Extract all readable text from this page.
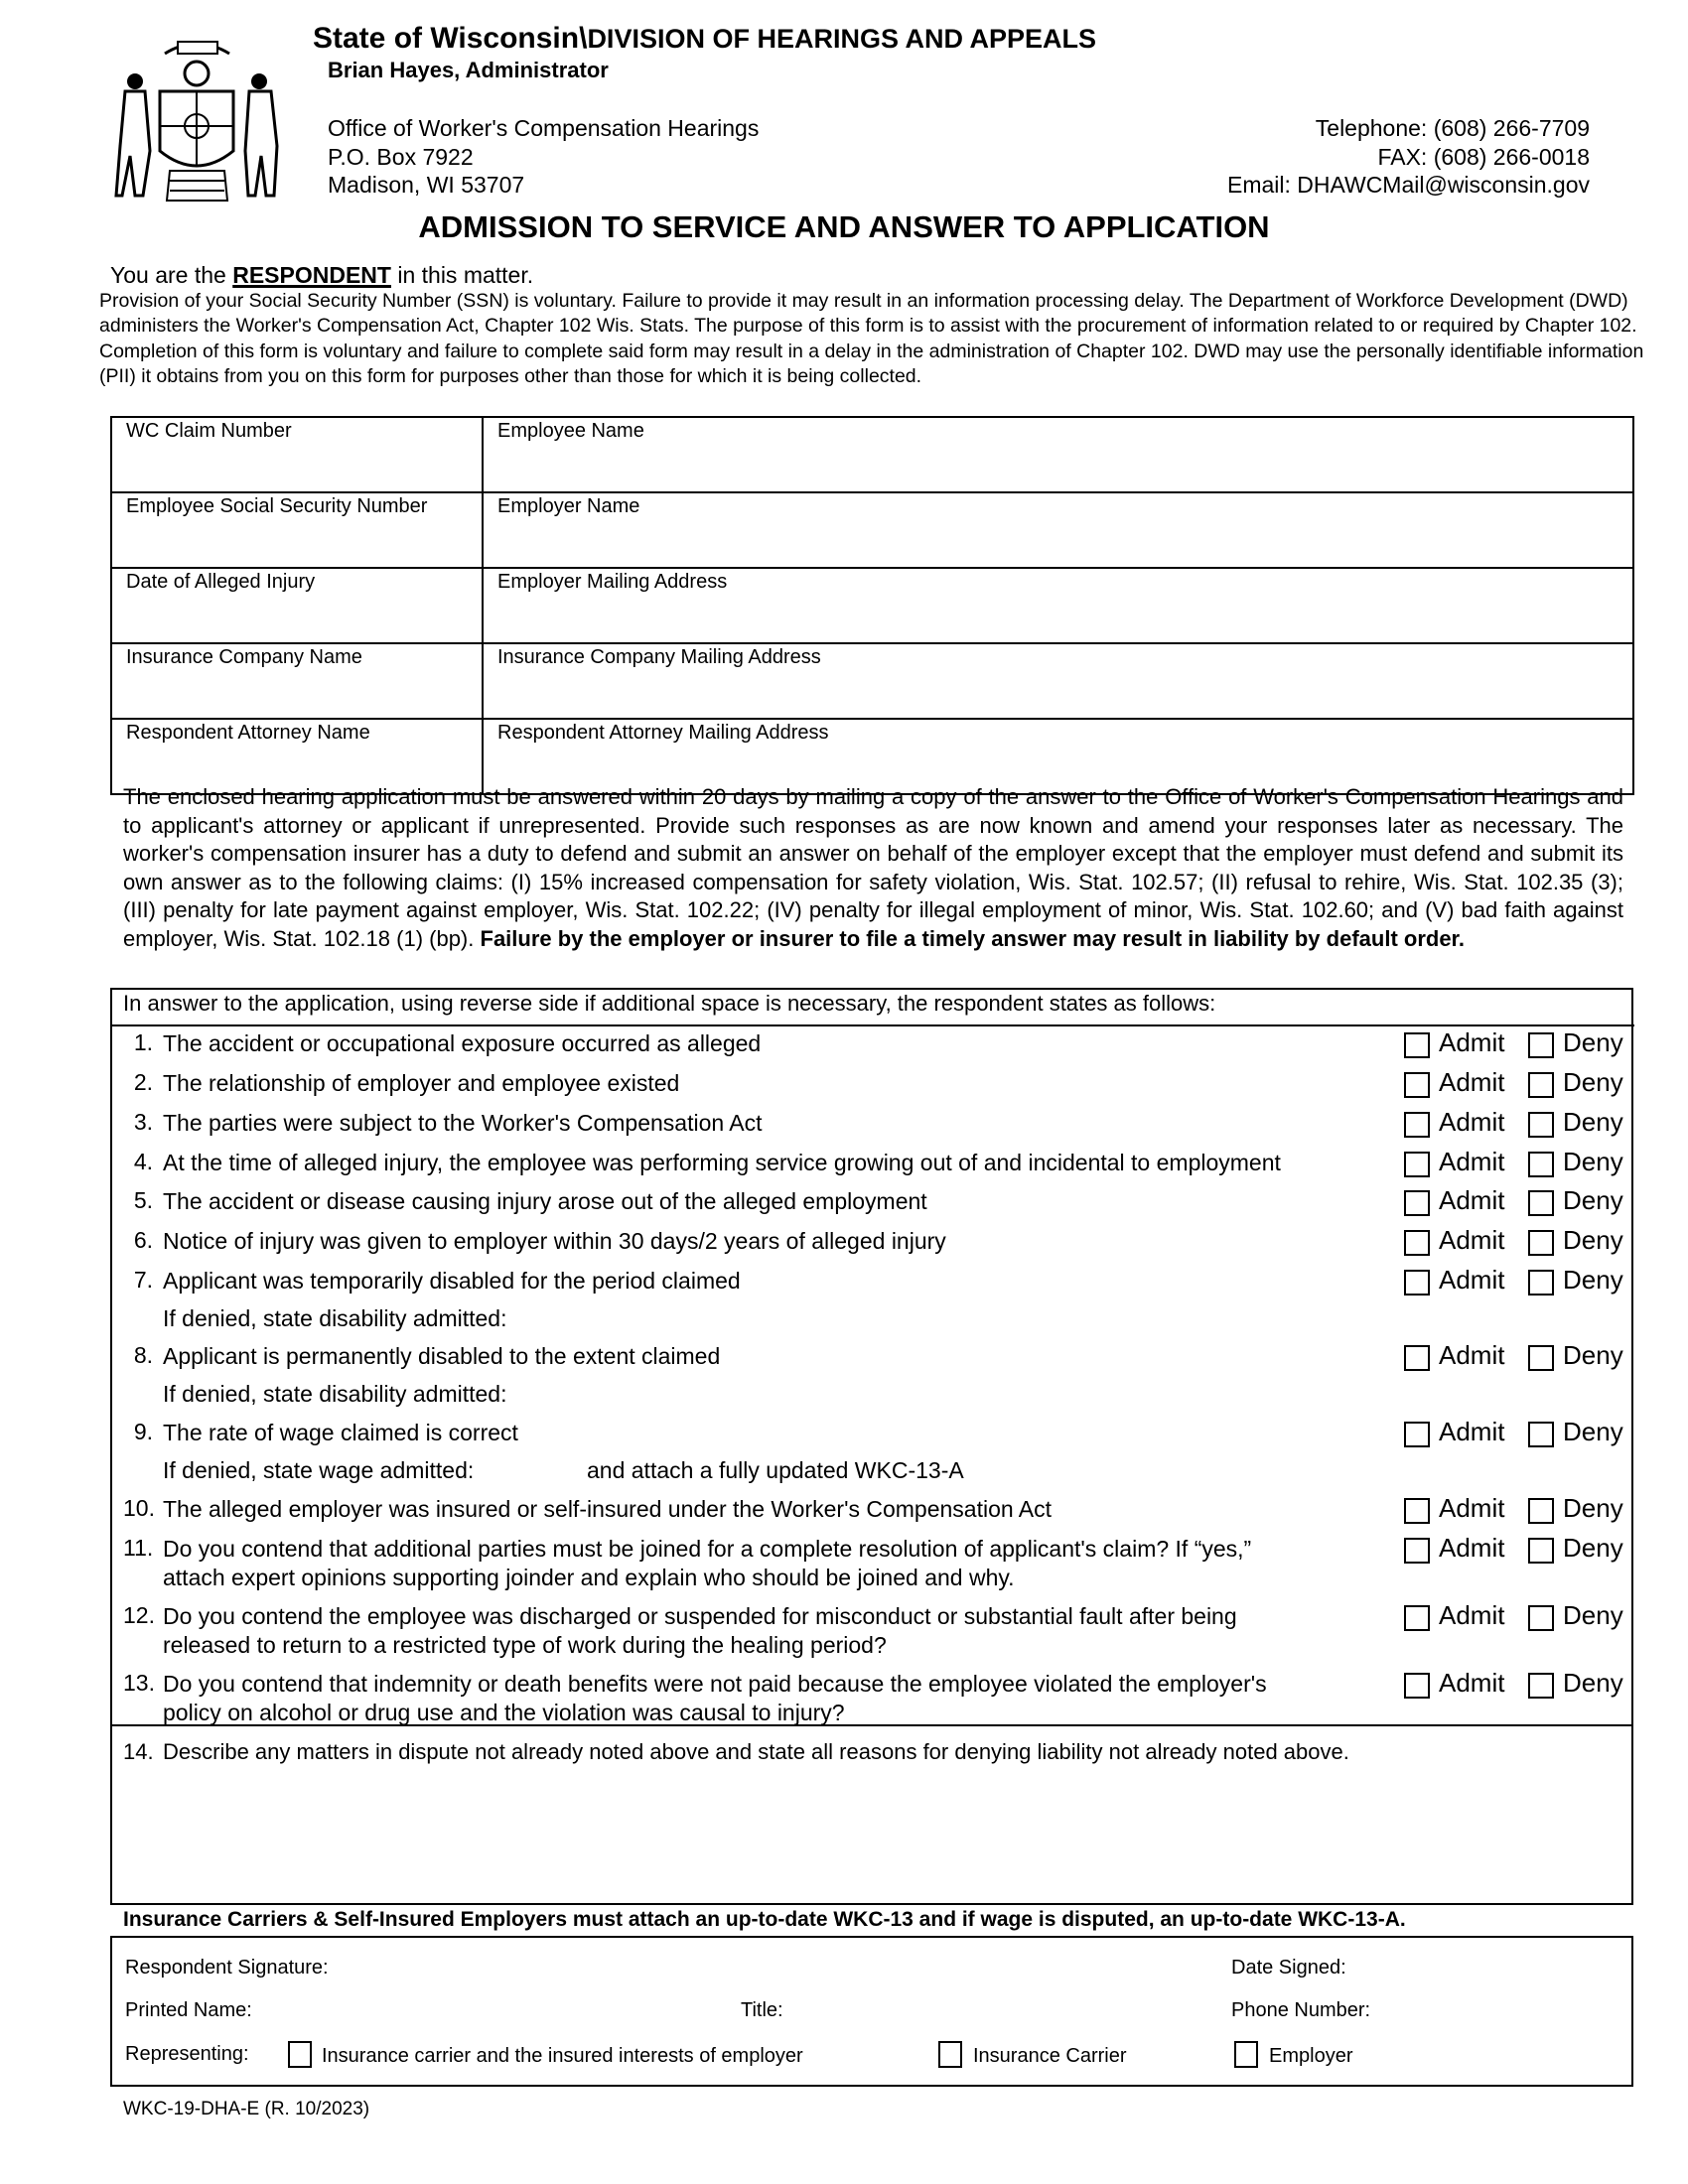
State of Wisconsin\DIVISION OF HEARINGS AND APPEALS
Brian Hayes, Administrator
Office of Worker's Compensation Hearings
P.O. Box 7922
Madison, WI 53707
Telephone: (608) 266-7709
FAX: (608) 266-0018
Email: DHAWCMail@wisconsin.gov
ADMISSION TO SERVICE AND ANSWER TO APPLICATION
You are the RESPONDENT in this matter.
Provision of your Social Security Number (SSN) is voluntary. Failure to provide it may result in an information processing delay. The Department of Workforce Development (DWD) administers the Worker's Compensation Act, Chapter 102 Wis. Stats. The purpose of this form is to assist with the procurement of information related to or required by Chapter 102. Completion of this form is voluntary and failure to complete said form may result in a delay in the administration of Chapter 102. DWD may use the personally identifiable information (PII) it obtains from you on this form for purposes other than those for which it is being collected.
WC Claim Number	Employee Name
Employee Social Security Number	Employer Name
Date of Alleged Injury	Employer Mailing Address
Insurance Company Name	Insurance Company Mailing Address
Respondent Attorney Name	Respondent Attorney Mailing Address
The enclosed hearing application must be answered within 20 days by mailing a copy of the answer to the Office of Worker's Compensation Hearings and to applicant's attorney or applicant if unrepresented. Provide such responses as are now known and amend your responses later as necessary. The worker's compensation insurer has a duty to defend and submit an answer on behalf of the employer except that the employer must defend and submit its own answer as to the following claims: (I) 15% increased compensation for safety violation, Wis. Stat. 102.57; (II) refusal to rehire, Wis. Stat. 102.35 (3); (III) penalty for late payment against employer, Wis. Stat. 102.22; (IV) penalty for illegal employment of minor, Wis. Stat. 102.60; and (V) bad faith against employer, Wis. Stat. 102.18 (1) (bp). Failure by the employer or insurer to file a timely answer may result in liability by default order.
In answer to the application, using reverse side if additional space is necessary, the respondent states as follows:
1. The accident or occupational exposure occurred as alleged	Admit Deny
2. The relationship of employer and employee existed	Admit Deny
3. The parties were subject to the Worker's Compensation Act	Admit Deny
4. At the time of alleged injury, the employee was performing service growing out of and incidental to employment	Admit Deny
5. The accident or disease causing injury arose out of the alleged employment	Admit Deny
6. Notice of injury was given to employer within 30 days/2 years of alleged injury	Admit Deny
7. Applicant was temporarily disabled for the period claimed
If denied, state disability admitted:
Admit Deny
8. Applicant is permanently disabled to the extent claimed
If denied, state disability admitted:
Admit Deny
9. The rate of wage claimed is correct
If denied, state wage admitted:	and attach a fully updated WKC-13-A
Admit Deny
10. The alleged employer was insured or self-insured under the Worker's Compensation Act	Admit Deny
11. Do you contend that additional parties must be joined for a complete resolution of applicant's claim? If “yes,”
attach expert opinions supporting joinder and explain who should be joined and why.
Admit Deny
12. Do you contend the employee was discharged or suspended for misconduct or substantial fault after being
released to return to a restricted type of work during the healing period?
Admit Deny
13. Do you contend that indemnity or death benefits were not paid because the employee violated the employer's
policy on alcohol or drug use and the violation was causal to injury?
Admit Deny
14. Describe any matters in dispute not already noted above and state all reasons for denying liability not already noted above.
Insurance Carriers & Self-Insured Employers must attach an up-to-date WKC-13 and if wage is disputed, an up-to-date WKC-13-A.
Respondent Signature:	Date Signed:
Printed Name:	Title:	Phone Number:
Representing:	Insurance carrier and the insured interests of employer	Insurance Carrier	Employer
WKC-19-DHA-E (R. 10/2023)
